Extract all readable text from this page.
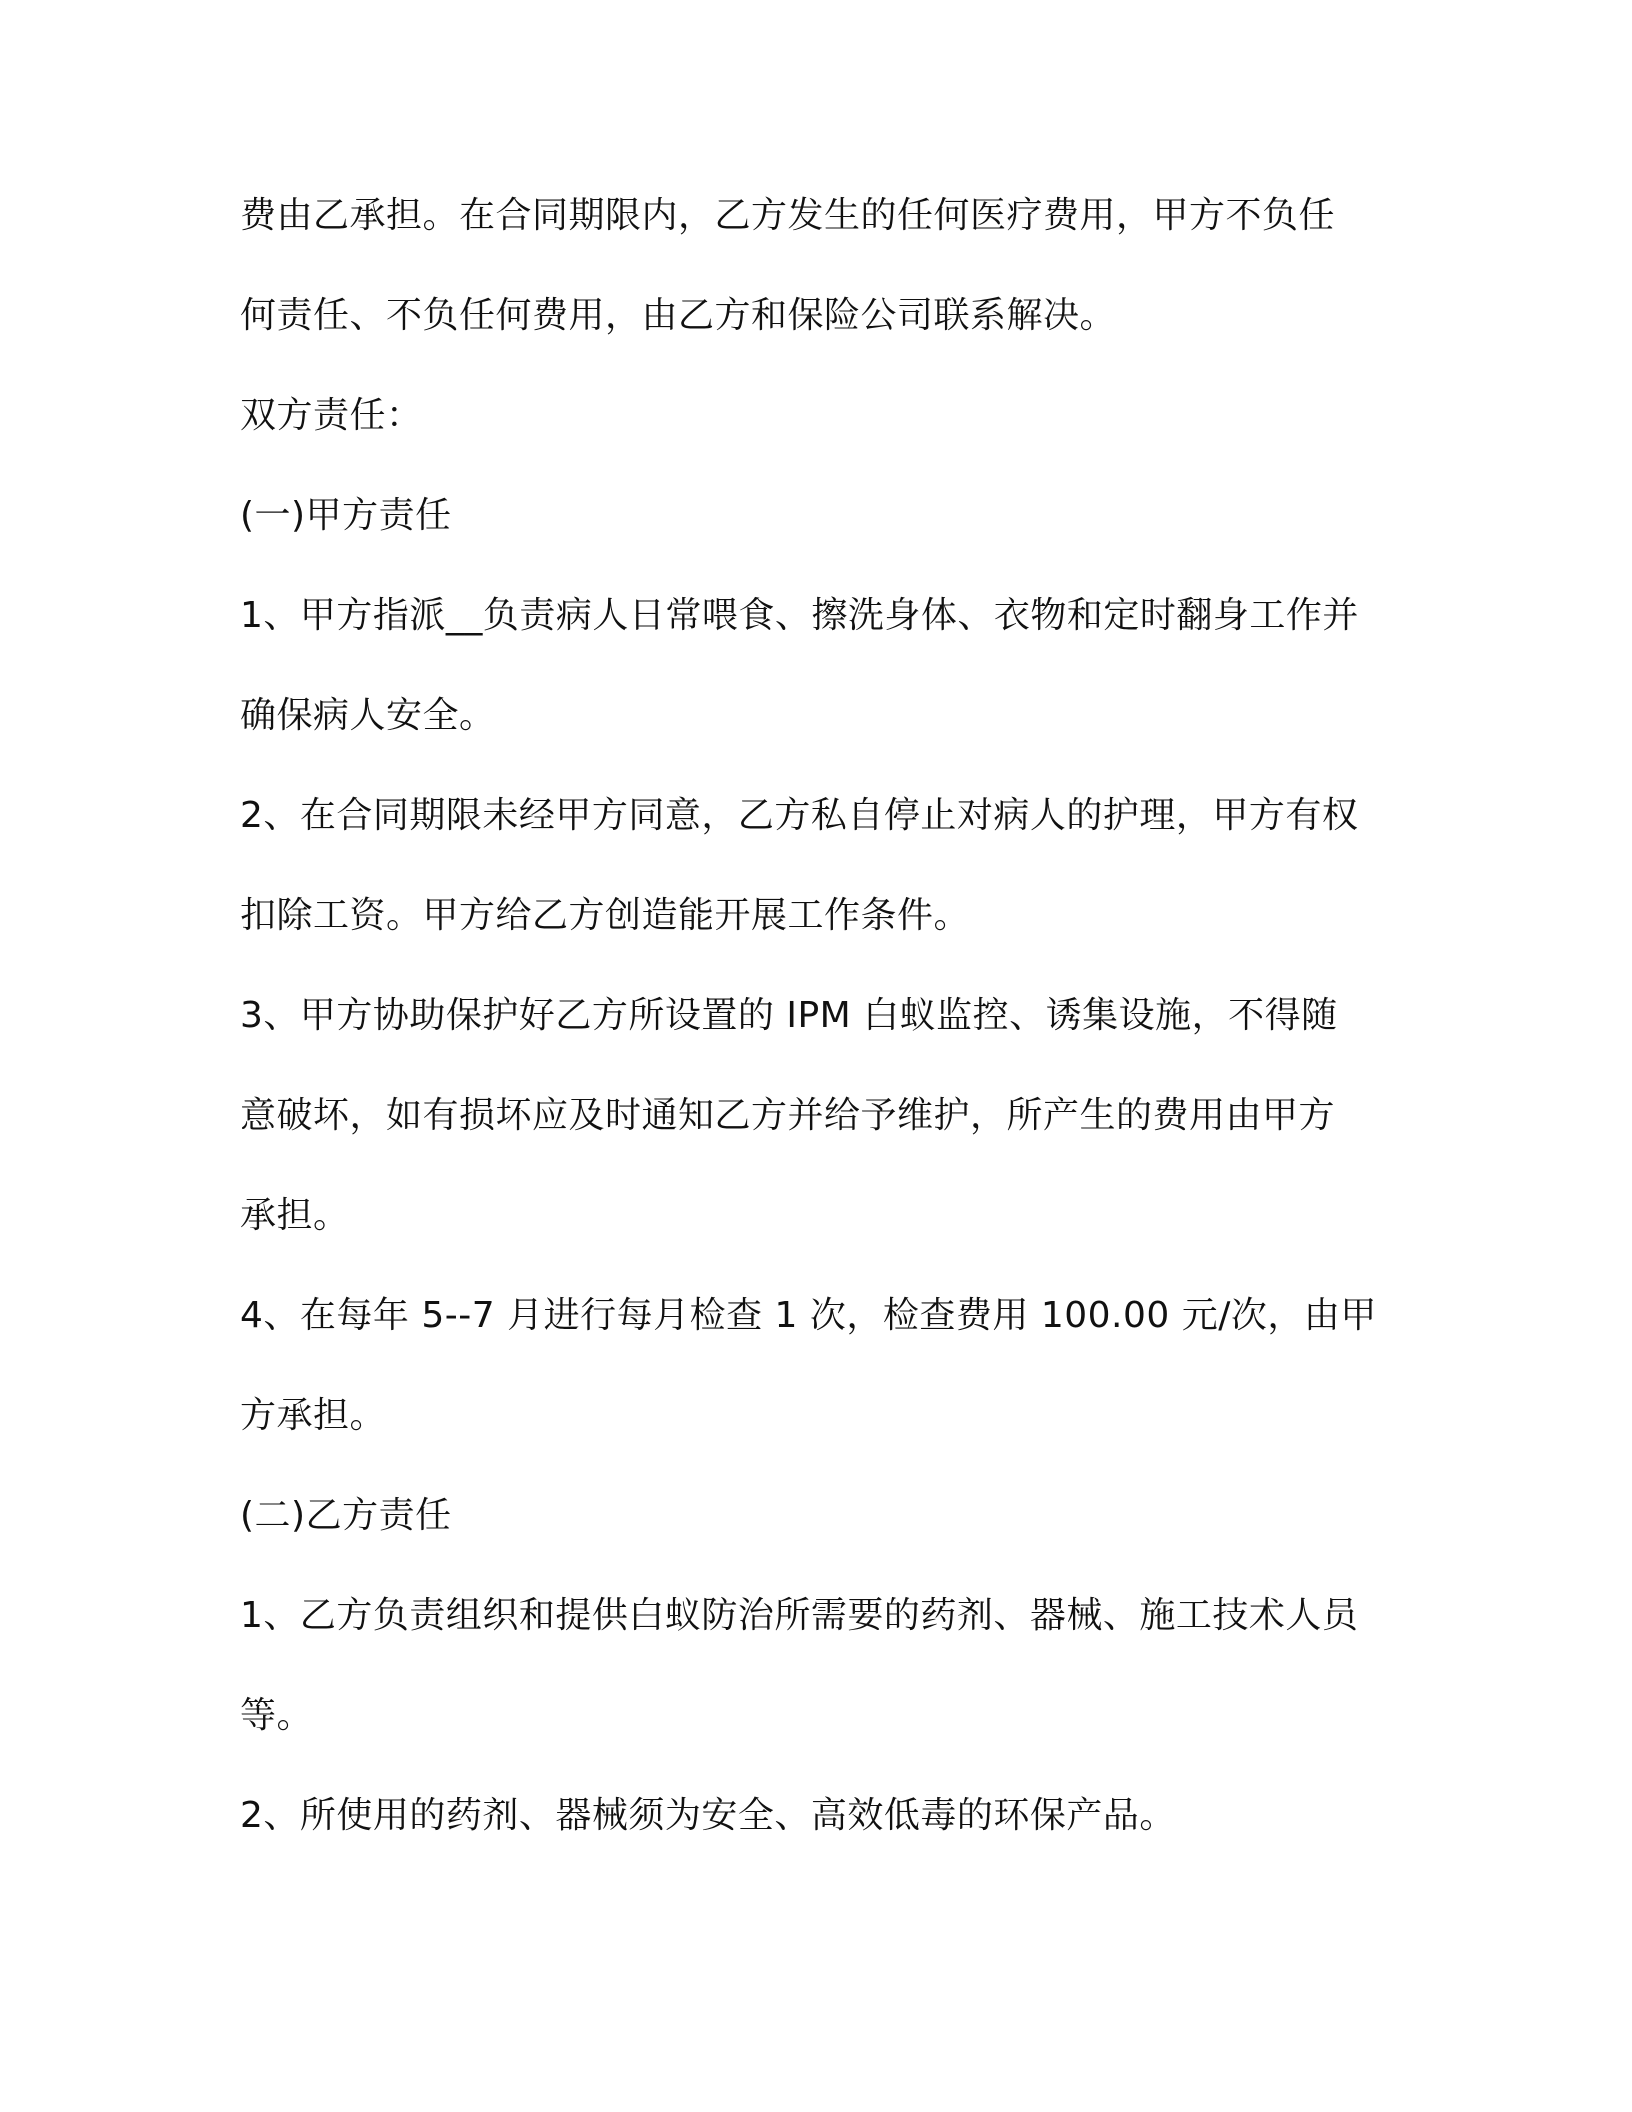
费由乙承担。在合同期限内，乙方发生的任何医疗费用，甲方不负任
何责任、不负任何费用，由乙方和保险公司联系解决。
双方责任：
(一)甲方责任
1、甲方指派__负责病人日常喂食、擦洗身体、衣物和定时翻身工作并
确保病人安全。
2、在合同期限未经甲方同意，乙方私自停止对病人的护理，甲方有权
扣除工资。甲方给乙方创造能开展工作条件。
3、甲方协助保护好乙方所设置的 IPM 白蚁监控、诱集设施，不得随
意破坏，如有损坏应及时通知乙方并给予维护，所产生的费用由甲方
承担。
4、在每年 5--7 月进行每月检查 1 次，检查费用 100.00 元/次，由甲
方承担。
(二)乙方责任
1、乙方负责组织和提供白蚁防治所需要的药剂、器械、施工技术人员
等。
2、所使用的药剂、器械须为安全、高效低毒的环保产品。
